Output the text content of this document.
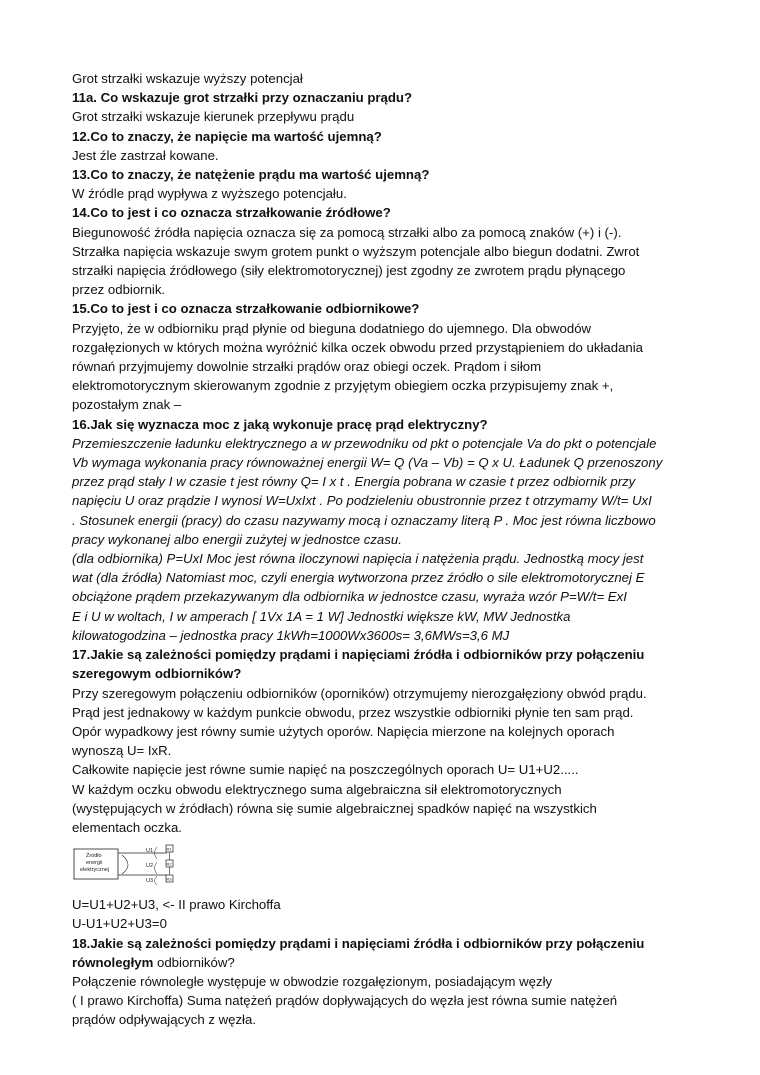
Grot strzałki wskazuje wyższy potencjał

11a. Co wskazuje grot strzałki przy oznaczaniu prądu?

Grot strzałki wskazuje kierunek przepływu prądu

12.Co to znaczy, że napięcie ma wartość ujemną?

Jest źle zastrzał kowane.

13.Co to znaczy, że natężenie prądu ma wartość ujemną?

W źródle prąd wypływa z wyższego potencjału.

14.Co to jest i co oznacza strzałkowanie źródłowe?

Biegunowość źródła napięcia oznacza się za pomocą strzałki albo za pomocą znaków (+) i (-).

Strzałka napięcia wskazuje swym grotem punkt o wyższym potencjale albo biegun dodatni. Zwrot

strzałki napięcia źródłowego (siły elektromotorycznej) jest zgodny ze zwrotem prądu płynącego

przez odbiornik.

15.Co to jest i co oznacza strzałkowanie odbiornikowe?

Przyjęto, że w odbiorniku prąd płynie od bieguna dodatniego do ujemnego. Dla obwodów

rozgałęzionych w których można wyróżnić kilka oczek obwodu przed przystąpieniem do układania

równań przyjmujemy dowolnie strzałki prądów oraz obiegi oczek. Prądom i siłom

elektromotorycznym skierowanym zgodnie z przyjętym obiegiem oczka przypisujemy znak +,

pozostałym znak –

16.Jak się wyznacza moc z jaką wykonuje pracę prąd elektryczny?

Przemieszczenie ładunku elektrycznego a w przewodniku od pkt o potencjale Va do pkt o potencjale

Vb wymaga wykonania pracy równoważnej energii W= Q (Va – Vb) = Q x U. Ładunek Q przenoszony

przez prąd stały I w czasie t jest równy Q= I x t . Energia pobrana w czasie t przez odbiornik przy

napięciu U oraz prądzie I wynosi W=UxIxt . Po podzieleniu obustronnie przez t otrzymamy W/t= UxI

. Stosunek energii (pracy) do czasu nazywamy mocą i oznaczamy literą P . Moc jest równa liczbowo

pracy wykonanej albo energii zużytej w jednostce czasu.

(dla odbiornika) P=UxI Moc jest równa iloczynowi napięcia i natężenia prądu. Jednostką mocy jest

wat (dla źródła) Natomiast moc, czyli energia wytworzona przez źródło o sile elektromotorycznej E

obciążone prądem przekazywanym dla odbiornika w jednostce czasu, wyraża wzór P=W/t= ExI

E i U w woltach, I w amperach [ 1Vx 1A = 1 W] Jednostki większe kW, MW Jednostka

kilowatogodzina – jednostka pracy 1kWh=1000Wx3600s= 3,6MWs=3,6 MJ

17.Jakie są zależności pomiędzy prądami i napięciami źródła i odbiorników przy połączeniu

szeregowym odbiorników?

Przy szeregowym połączeniu odbiorników (oporników) otrzymujemy nierozgałęziony obwód prądu.

Prąd jest jednakowy w każdym punkcie obwodu, przez wszystkie odbiorniki płynie ten sam prąd.

Opór wypadkowy jest równy sumie użytych oporów. Napięcia mierzone na kolejnych oporach

wynoszą U= IxR.

Całkowite napięcie jest równe sumie napięć na poszczególnych oporach U= U1+U2.....

W każdym oczku obwodu elektrycznego suma algebraiczna sił elektromotorycznych

(występujących w źródłach) równa się sumie algebraicznej spadków napięć na wszystkich

elementach oczka.

Źródło
energii
elektrycznej
U1
U2
U3
R1
R2
R3

U=U1+U2+U3, <- II prawo Kirchoffa

U-U1+U2+U3=0

18.Jakie są zależności pomiędzy prądami i napięciami źródła i odbiorników przy połączeniu

równoległym odbiorników?

Połączenie równoległe występuje w obwodzie rozgałęzionym, posiadającym węzły

( I prawo Kirchoffa) Suma natężeń prądów dopływających do węzła jest równa sumie natężeń

prądów odpływających z węzła.
